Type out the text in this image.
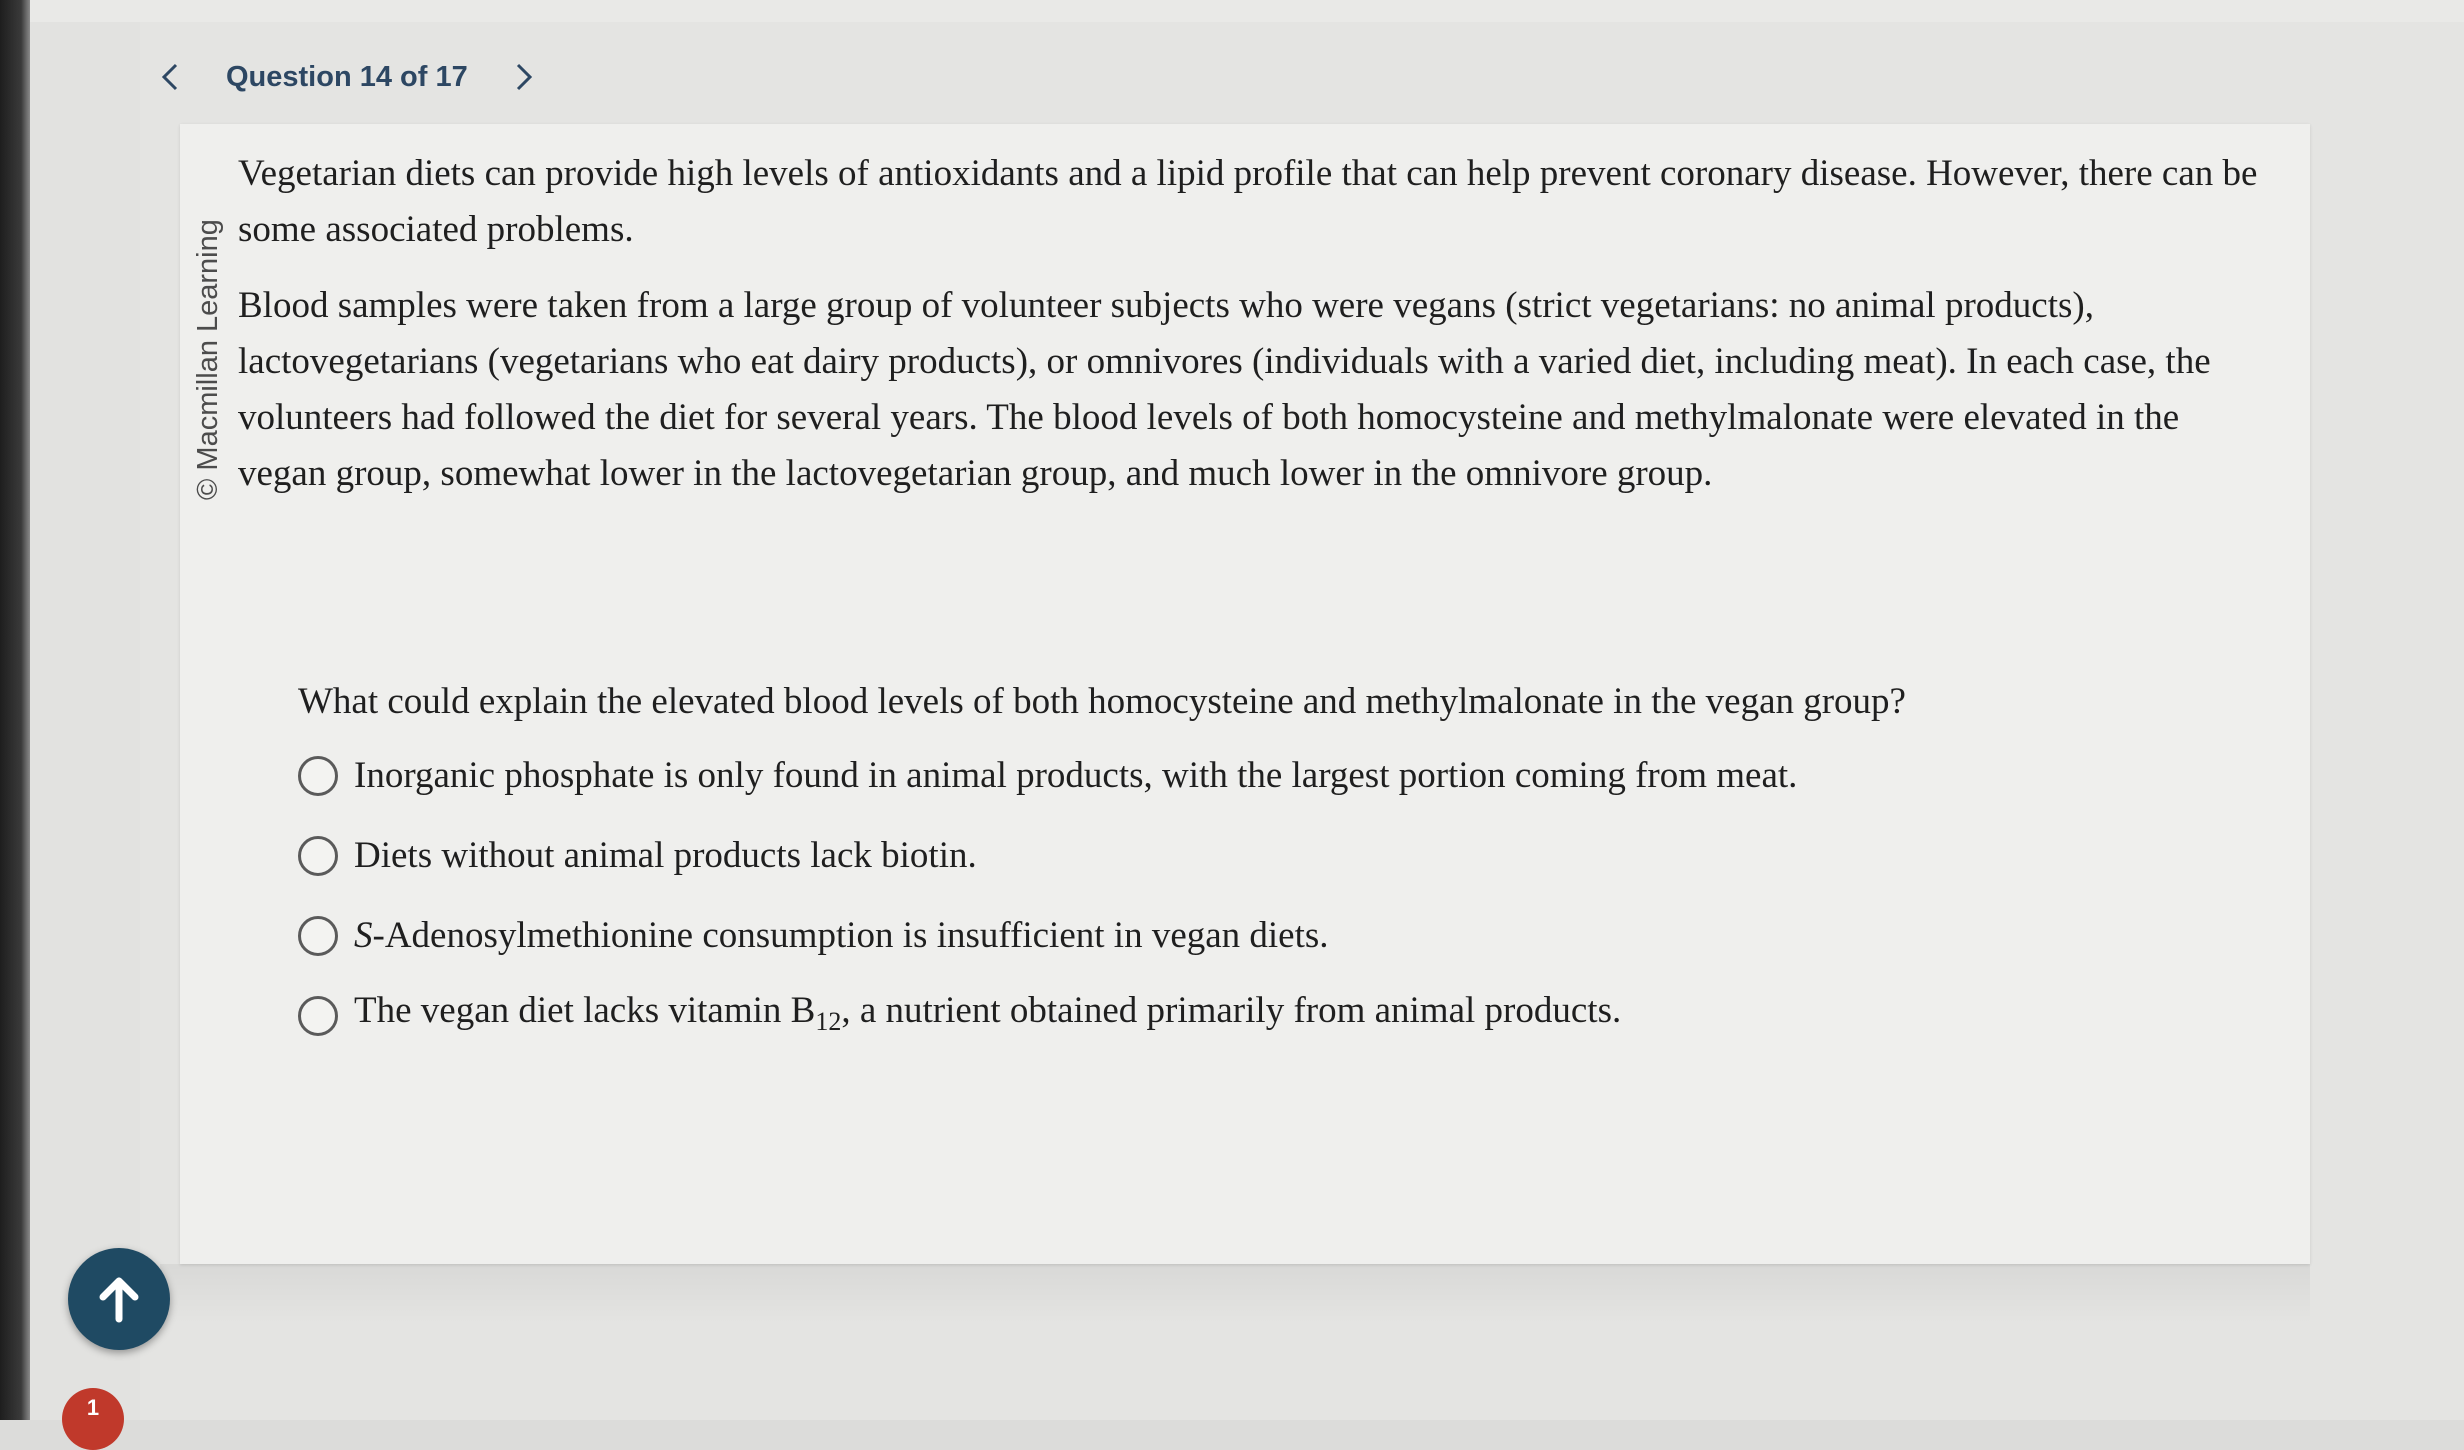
Question 14 of 17
© Macmillan Learning

Vegetarian diets can provide high levels of antioxidants and a lipid profile that can help prevent coronary disease. However, there can be some associated problems.

Blood samples were taken from a large group of volunteer subjects who were vegans (strict vegetarians: no animal products), lactovegetarians (vegetarians who eat dairy products), or omnivores (individuals with a varied diet, including meat). In each case, the volunteers had followed the diet for several years. The blood levels of both homocysteine and methylmalonate were elevated in the vegan group, somewhat lower in the lactovegetarian group, and much lower in the omnivore group.

What could explain the elevated blood levels of both homocysteine and methylmalonate in the vegan group?

Inorganic phosphate is only found in animal products, with the largest portion coming from meat.
Diets without animal products lack biotin.
S-Adenosylmethionine consumption is insufficient in vegan diets.
The vegan diet lacks vitamin $B_{12}$, a nutrient obtained primarily from animal products.
1
